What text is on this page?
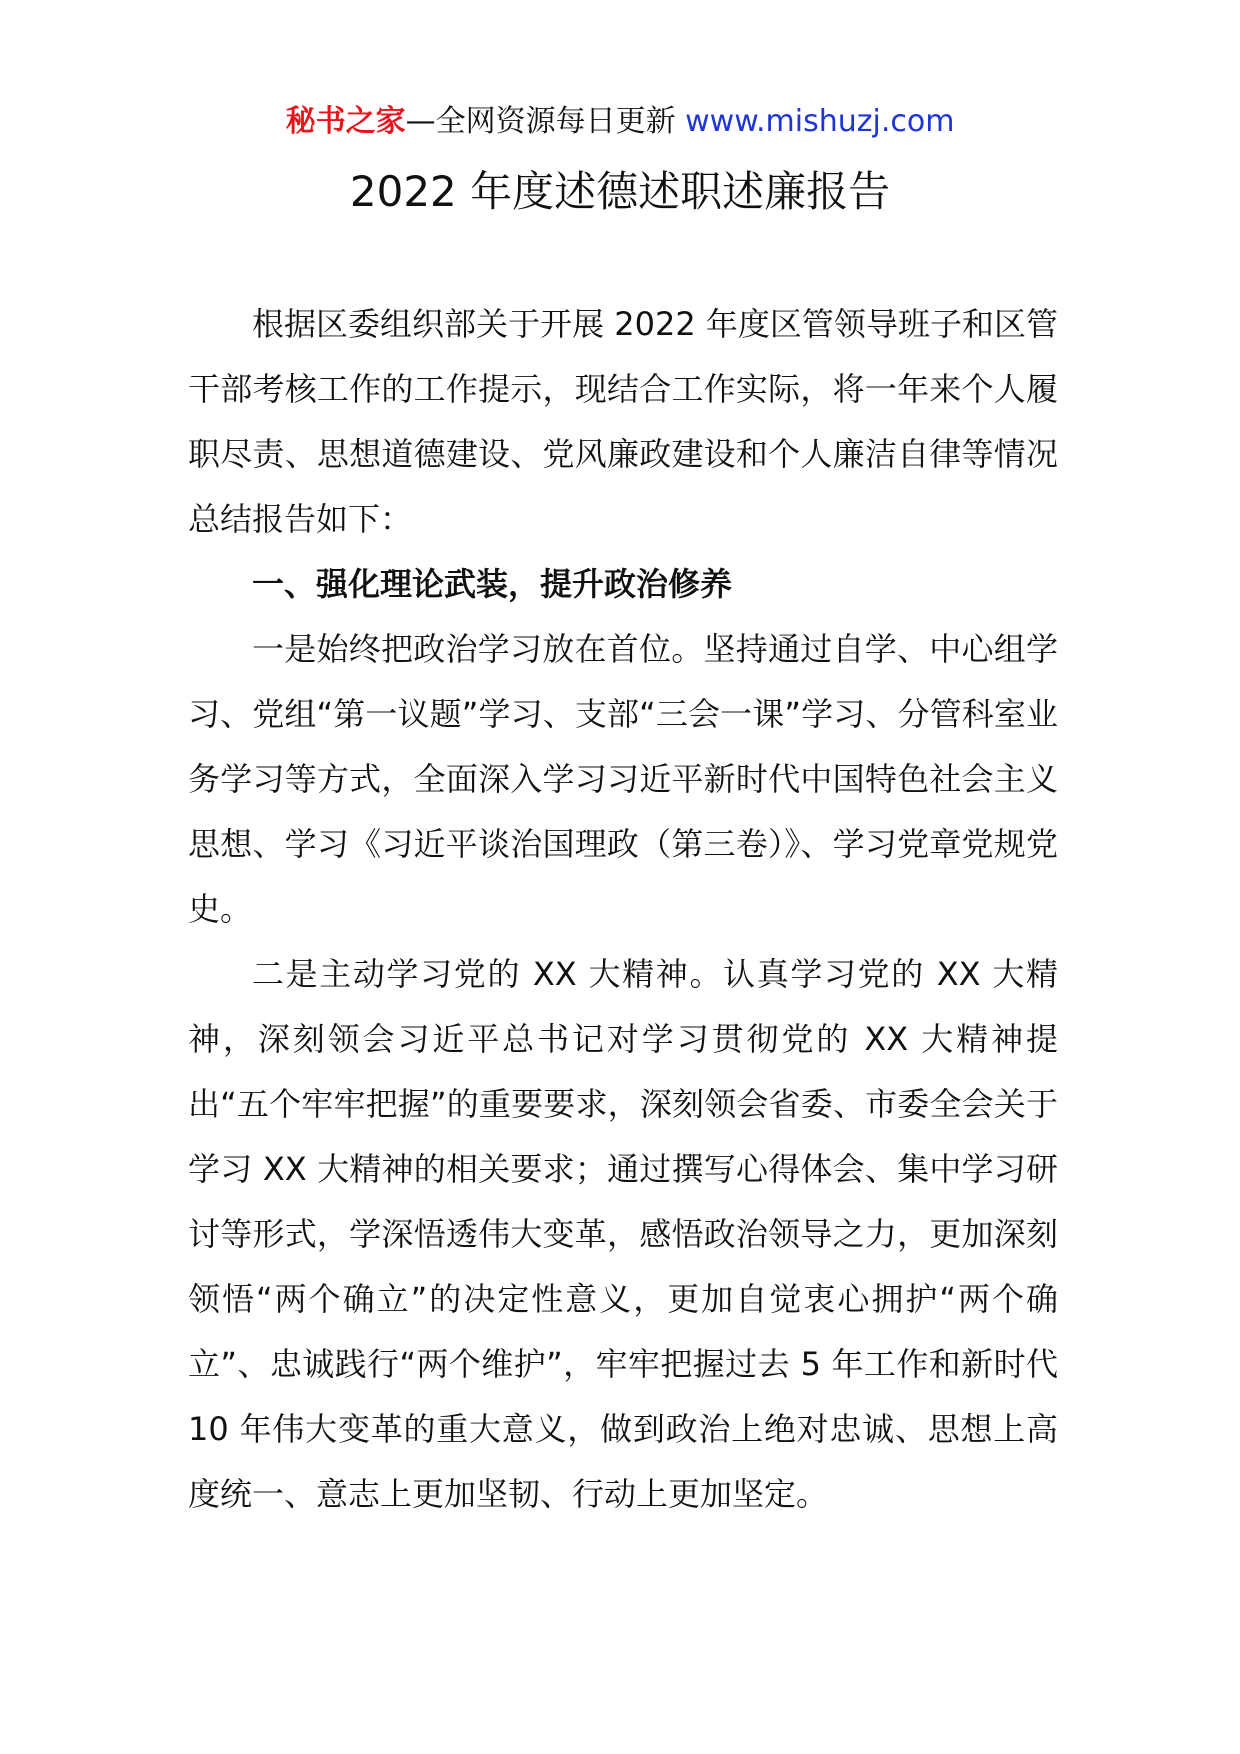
秘书之家—全网资源每日更新 www.mishuzj.com
2022 年度述德述职述廉报告

根据区委组织部关于开展 2022 年度区管领导班子和区管干部考核工作的工作提示，现结合工作实际，将一年来个人履职尽责、思想道德建设、党风廉政建设和个人廉洁自律等情况总结报告如下：

一、强化理论武装，提升政治修养

一是始终把政治学习放在首位。坚持通过自学、中心组学习、党组“第一议题”学习、支部“三会一课”学习、分管科室业务学习等方式，全面深入学习习近平新时代中国特色社会主义思想、学习《习近平谈治国理政（第三卷）》、学习党章党规党史。

二是主动学习党的 XX 大精神。认真学习党的 XX 大精神，深刻领会习近平总书记对学习贯彻党的 XX 大精神提出“五个牢牢把握”的重要要求，深刻领会省委、市委全会关于学习 XX 大精神的相关要求；通过撰写心得体会、集中学习研讨等形式，学深悟透伟大变革，感悟政治领导之力，更加深刻领悟“两个确立”的决定性意义，更加自觉衷心拥护“两个确立”、忠诚践行“两个维护”，牢牢把握过去 5 年工作和新时代 10 年伟大变革的重大意义，做到政治上绝对忠诚、思想上高度统一、意志上更加坚韧、行动上更加坚定。
